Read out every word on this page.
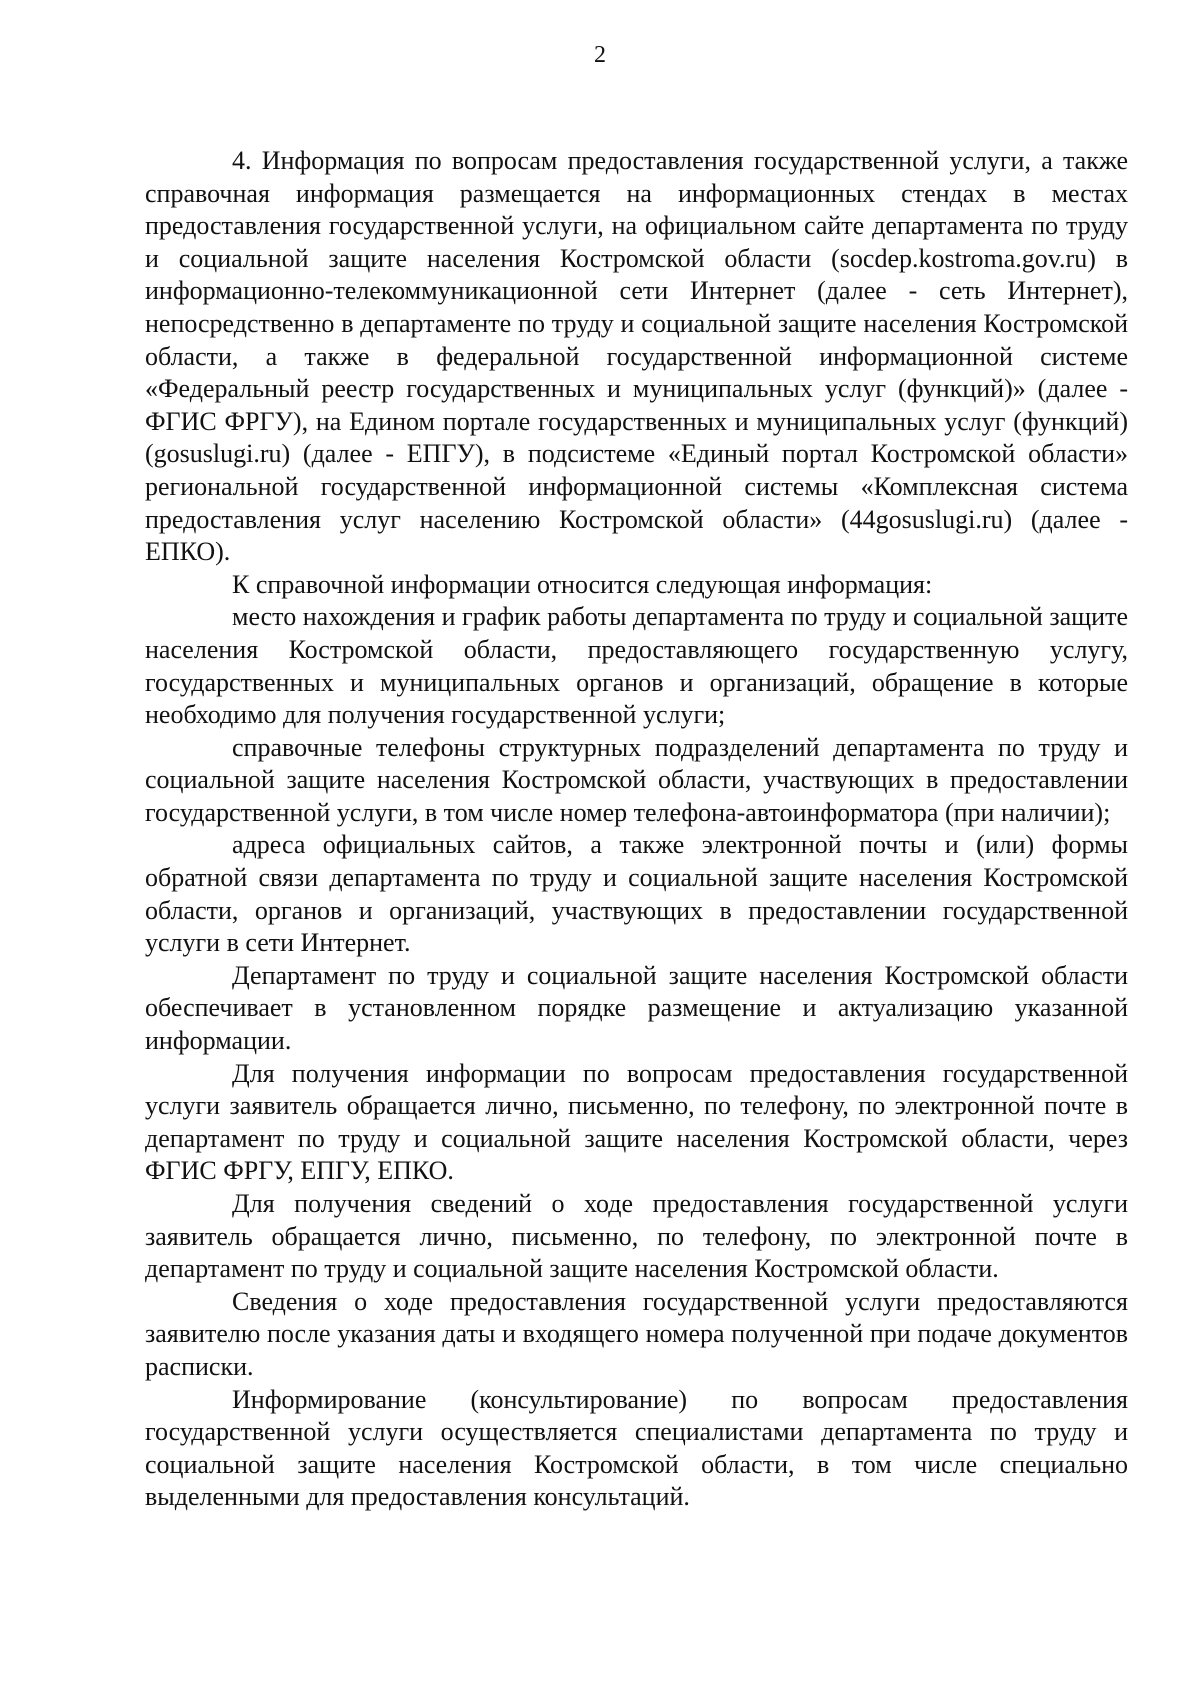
2

4. Информация по вопросам предоставления государственной услуги, а также справочная информация размещается на информационных стендах в местах предоставления государственной услуги, на официальном сайте департамента по труду и социальной защите населения Костромской области (socdep.kostroma.gov.ru) в информационно-телекоммуникационной сети Интернет (далее - сеть Интернет), непосредственно в департаменте по труду и социальной защите населения Костромской области, а также в федеральной государственной информационной системе «Федеральный реестр государственных и муниципальных услуг (функций)» (далее - ФГИС ФРГУ), на Едином портале государственных и муниципальных услуг (функций) (gosuslugi.ru) (далее - ЕПГУ), в подсистеме «Единый портал Костромской области» региональной государственной информационной системы «Комплексная система предоставления услуг населению Костромской области» (44gosuslugi.ru) (далее - ЕПКО).

К справочной информации относится следующая информация:

место нахождения и график работы департамента по труду и социальной защите населения Костромской области, предоставляющего государственную услугу, государственных и муниципальных органов и организаций, обращение в которые необходимо для получения государственной услуги;

справочные телефоны структурных подразделений департамента по труду и социальной защите населения Костромской области, участвующих в предоставлении государственной услуги, в том числе номер телефона-автоинформатора (при наличии);

адреса официальных сайтов, а также электронной почты и (или) формы обратной связи департамента по труду и социальной защите населения Костромской области, органов и организаций, участвующих в предоставлении государственной услуги в сети Интернет.

Департамент по труду и социальной защите населения Костромской области обеспечивает в установленном порядке размещение и актуализацию указанной информации.

Для получения информации по вопросам предоставления государственной услуги заявитель обращается лично, письменно, по телефону, по электронной почте в департамент по труду и социальной защите населения Костромской области, через ФГИС ФРГУ, ЕПГУ, ЕПКО.

Для получения сведений о ходе предоставления государственной услуги заявитель обращается лично, письменно, по телефону, по электронной почте в департамент по труду и социальной защите населения Костромской области.

Сведения о ходе предоставления государственной услуги предоставляются заявителю после указания даты и входящего номера полученной при подаче документов расписки.

Информирование (консультирование) по вопросам предоставления государственной услуги осуществляется специалистами департамента по труду и социальной защите населения Костромской области, в том числе специально выделенными для предоставления консультаций.
